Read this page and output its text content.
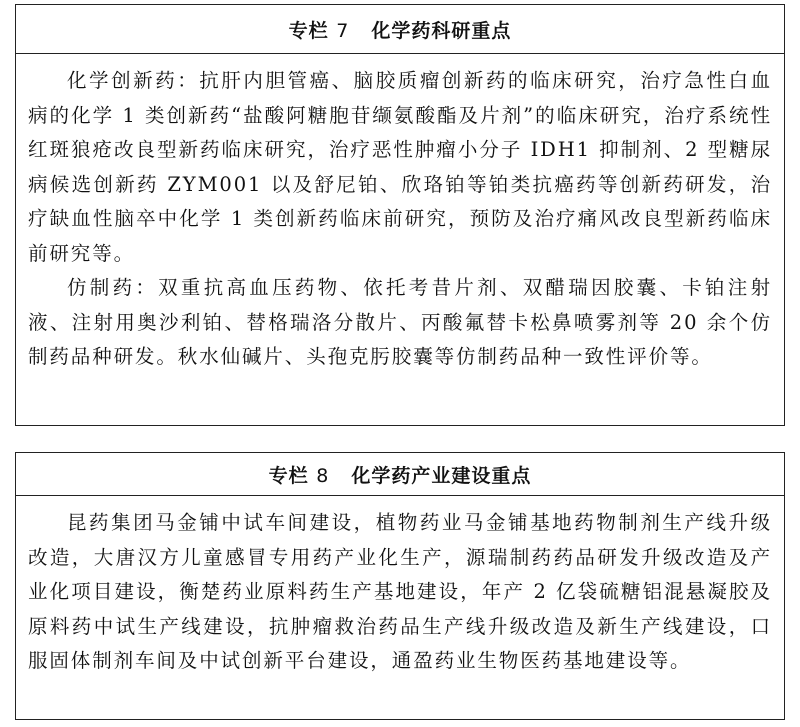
专栏 7 化学药科研重点

化学创新药：抗肝内胆管癌、脑胶质瘤创新药的临床研究，治疗急性白血病的化学 1 类创新药“盐酸阿糖胞苷缬氨酸酯及片剂”的临床研究，治疗系统性红斑狼疮改良型新药临床研究，治疗恶性肿瘤小分子 IDH1 抑制剂、2 型糖尿病候选创新药 ZYM001 以及舒尼铂、欣珞铂等铂类抗癌药等创新药研发，治疗缺血性脑卒中化学 1 类创新药临床前研究，预防及治疗痛风改良型新药临床前研究等。

仿制药：双重抗高血压药物、依托考昔片剂、双醋瑞因胶囊、卡铂注射液、注射用奥沙利铂、替格瑞洛分散片、丙酸氟替卡松鼻喷雾剂等 20 余个仿制药品种研发。秋水仙碱片、头孢克肟胶囊等仿制药品种一致性评价等。

专栏 8 化学药产业建设重点

昆药集团马金铺中试车间建设，植物药业马金铺基地药物制剂生产线升级改造，大唐汉方儿童感冒专用药产业化生产，源瑞制药药品研发升级改造及产业化项目建设，衡楚药业原料药生产基地建设，年产 2 亿袋硫糖铝混悬凝胶及原料药中试生产线建设，抗肿瘤救治药品生产线升级改造及新生产线建设，口服固体制剂车间及中试创新平台建设，通盈药业生物医药基地建设等。
